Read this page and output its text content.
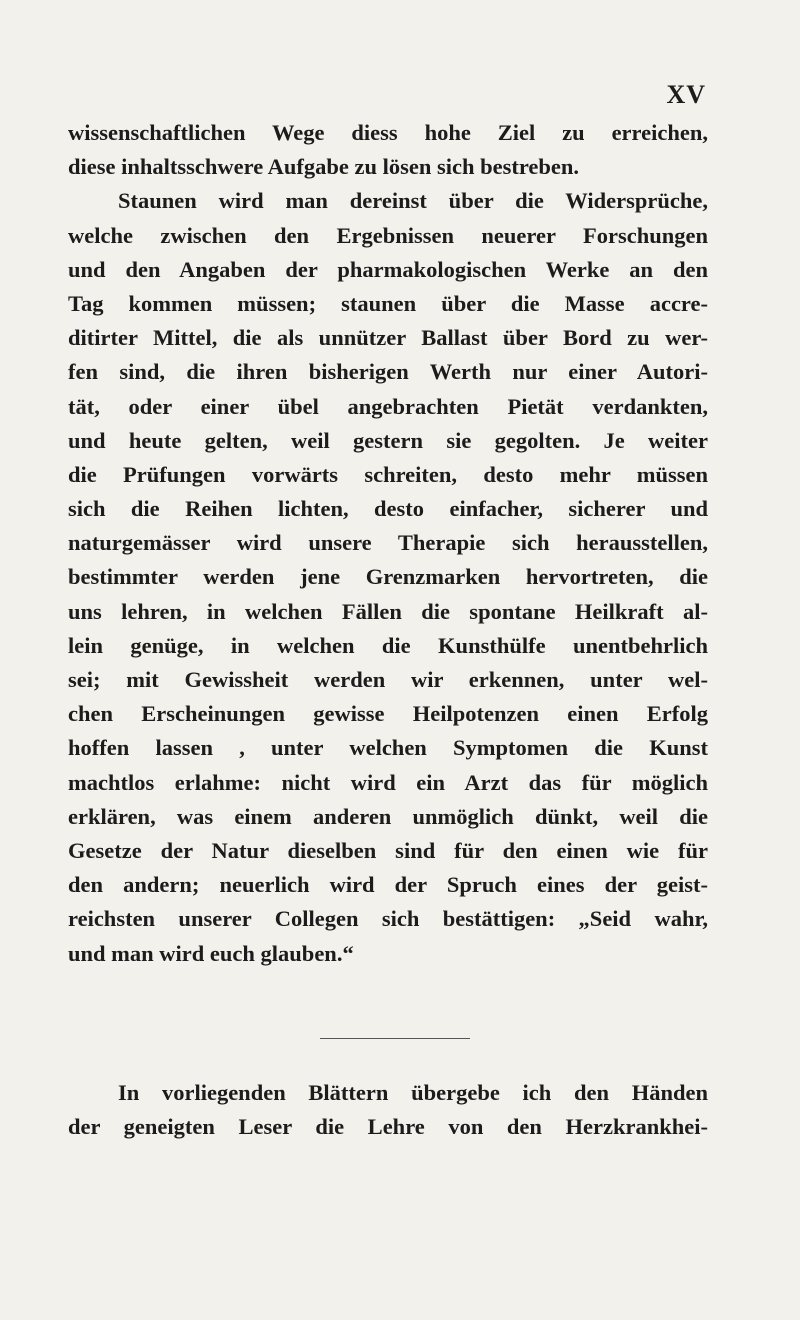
XV
wissenschaftlichen Wege diess hohe Ziel zu erreichen,
diese inhaltsschwere Aufgabe zu lösen sich bestreben.
Staunen wird man dereinst über die Widersprüche,
welche zwischen den Ergebnissen neuerer Forschungen
und den Angaben der pharmakologischen Werke an den
Tag kommen müssen; staunen über die Masse accre-
ditirter Mittel, die als unnützer Ballast über Bord zu wer-
fen sind, die ihren bisherigen Werth nur einer Autori-
tät, oder einer übel angebrachten Pietät verdankten,
und heute gelten, weil gestern sie gegolten. Je weiter
die Prüfungen vorwärts schreiten, desto mehr müssen
sich die Reihen lichten, desto einfacher, sicherer und
naturgemässer wird unsere Therapie sich herausstellen,
bestimmter werden jene Grenzmarken hervortreten, die
uns lehren, in welchen Fällen die spontane Heilkraft al-
lein genüge, in welchen die Kunsthülfe unentbehrlich
sei; mit Gewissheit werden wir erkennen, unter wel-
chen Erscheinungen gewisse Heilpotenzen einen Erfolg
hoffen lassen , unter welchen Symptomen die Kunst
machtlos erlahme: nicht wird ein Arzt das für möglich
erklären, was einem anderen unmöglich dünkt, weil die
Gesetze der Natur dieselben sind für den einen wie für
den andern; neuerlich wird der Spruch eines der geist-
reichsten unserer Collegen sich bestättigen: „Seid wahr,
und man wird euch glauben.“
In vorliegenden Blättern übergebe ich den Händen
der geneigten Leser die Lehre von den Herzkrankhei-
